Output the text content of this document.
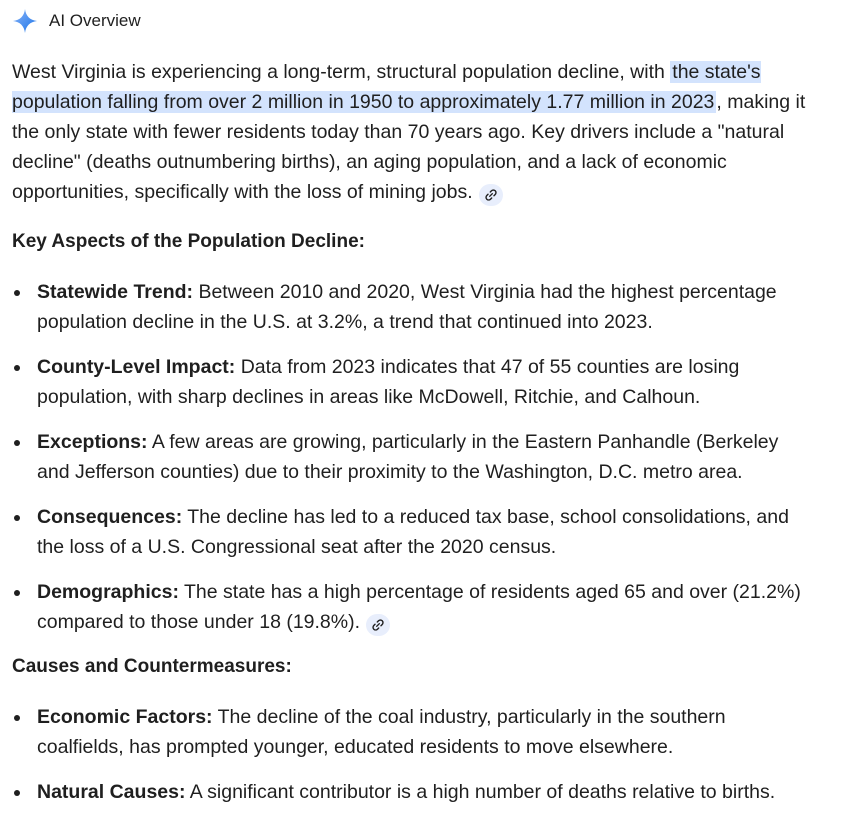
AI Overview

West Virginia is experiencing a long-term, structural population decline, with the state's population falling from over 2 million in 1950 to approximately 1.77 million in 2023 , making it the only state with fewer residents today than 70 years ago. Key drivers include a "natural decline" (deaths outnumbering births), an aging population, and a lack of economic opportunities, specifically with the loss of mining jobs.

Key Aspects of the Population Decline:
Statewide Trend: Between 2010 and 2020, West Virginia had the highest percentage population decline in the U.S. at 3.2%, a trend that continued into 2023.
County-Level Impact: Data from 2023 indicates that 47 of 55 counties are losing population, with sharp declines in areas like McDowell, Ritchie, and Calhoun.
Exceptions: A few areas are growing, particularly in the Eastern Panhandle (Berkeley and Jefferson counties) due to their proximity to the Washington, D.C. metro area.
Consequences: The decline has led to a reduced tax base, school consolidations, and the loss of a U.S. Congressional seat after the 2020 census.
Demographics: The state has a high percentage of residents aged 65 and over (21.2%) compared to those under 18 (19.8%).
Causes and Countermeasures:
Economic Factors: The decline of the coal industry, particularly in the southern coalfields, has prompted younger, educated residents to move elsewhere.
Natural Causes: A significant contributor is a high number of deaths relative to births.
